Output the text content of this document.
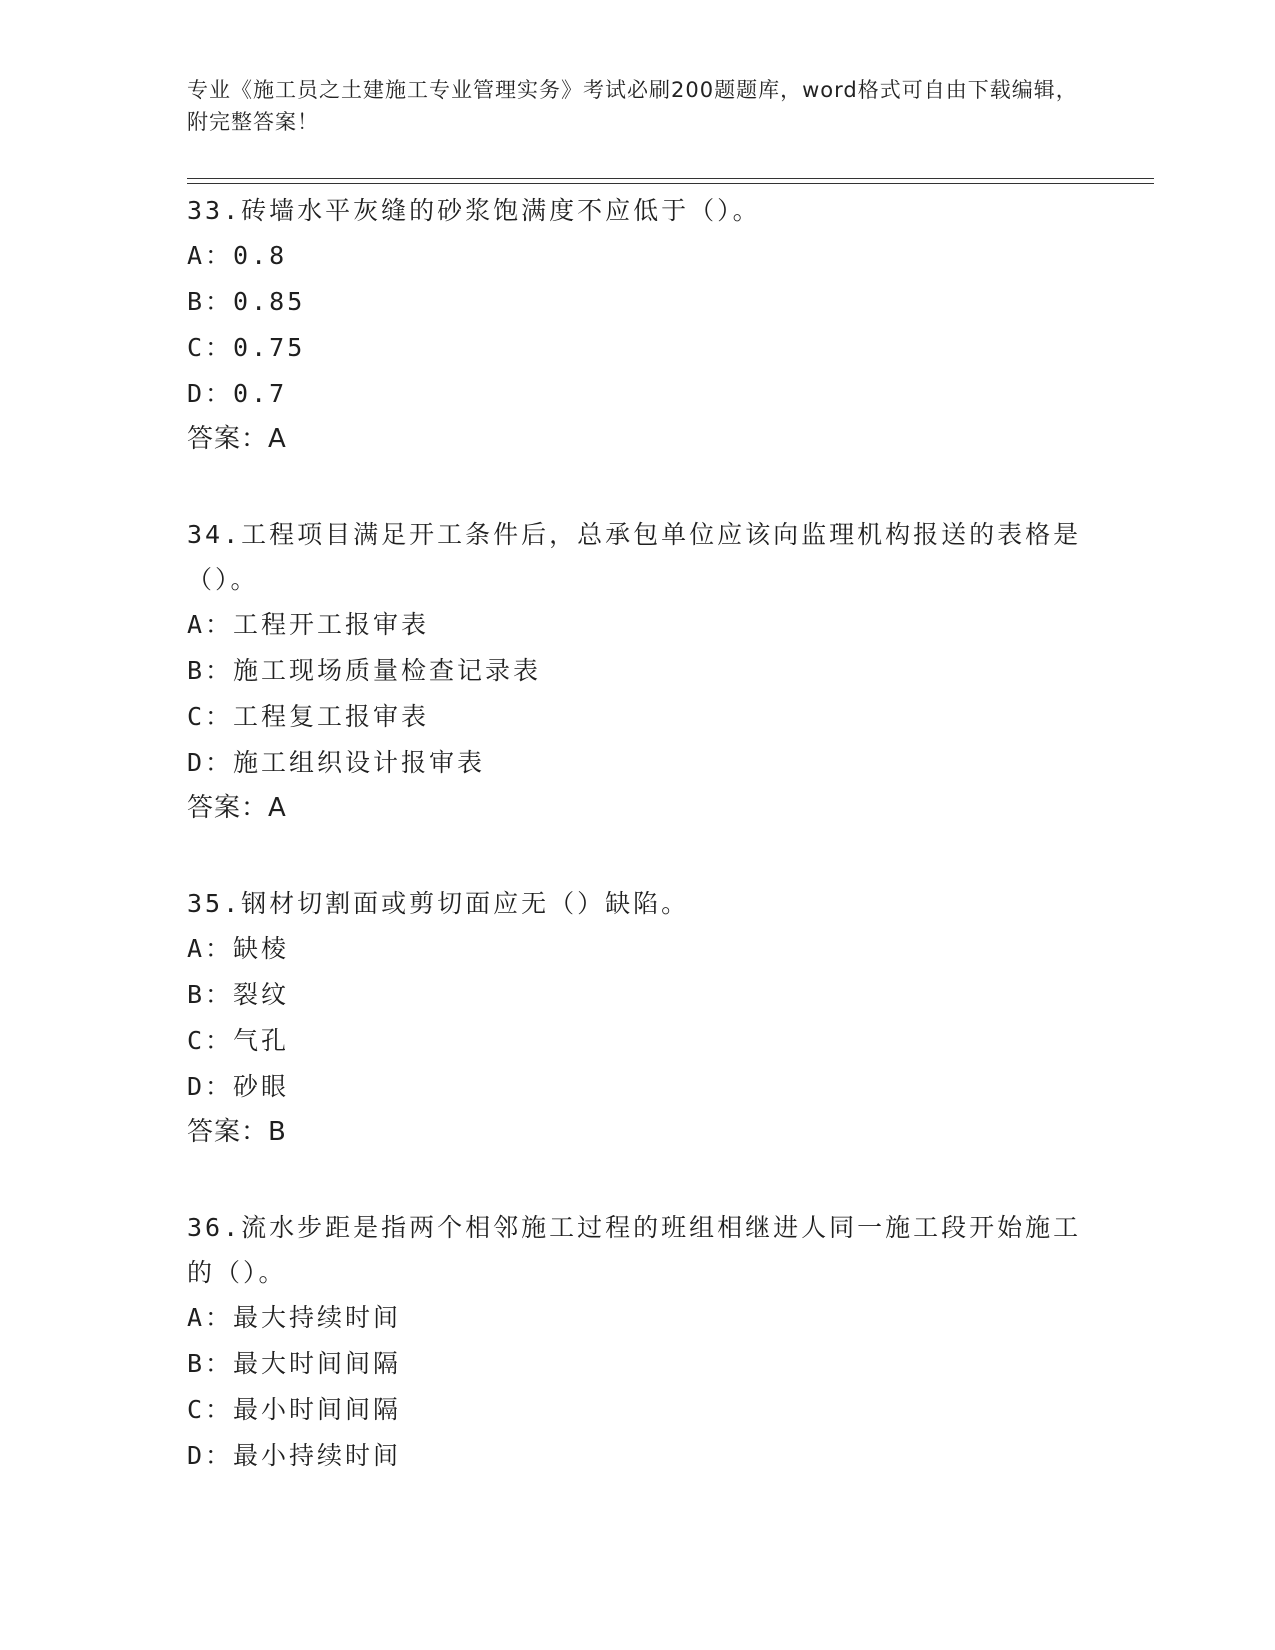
专业《施工员之土建施工专业管理实务》考试必刷200题题库，word格式可自由下载编辑，附完整答案！
33.砖墙水平灰缝的砂浆饱满度不应低于（）。
A：0.8
B：0.85
C：0.75
D：0.7
答案：A
34.工程项目满足开工条件后，总承包单位应该向监理机构报送的表格是（）。
A：工程开工报审表
B：施工现场质量检查记录表
C：工程复工报审表
D：施工组织设计报审表
答案：A
35.钢材切割面或剪切面应无（）缺陷。
A：缺棱
B：裂纹
C：气孔
D：砂眼
答案：B
36.流水步距是指两个相邻施工过程的班组相继进人同一施工段开始施工的（）。
A：最大持续时间
B：最大时间间隔
C：最小时间间隔
D：最小持续时间
